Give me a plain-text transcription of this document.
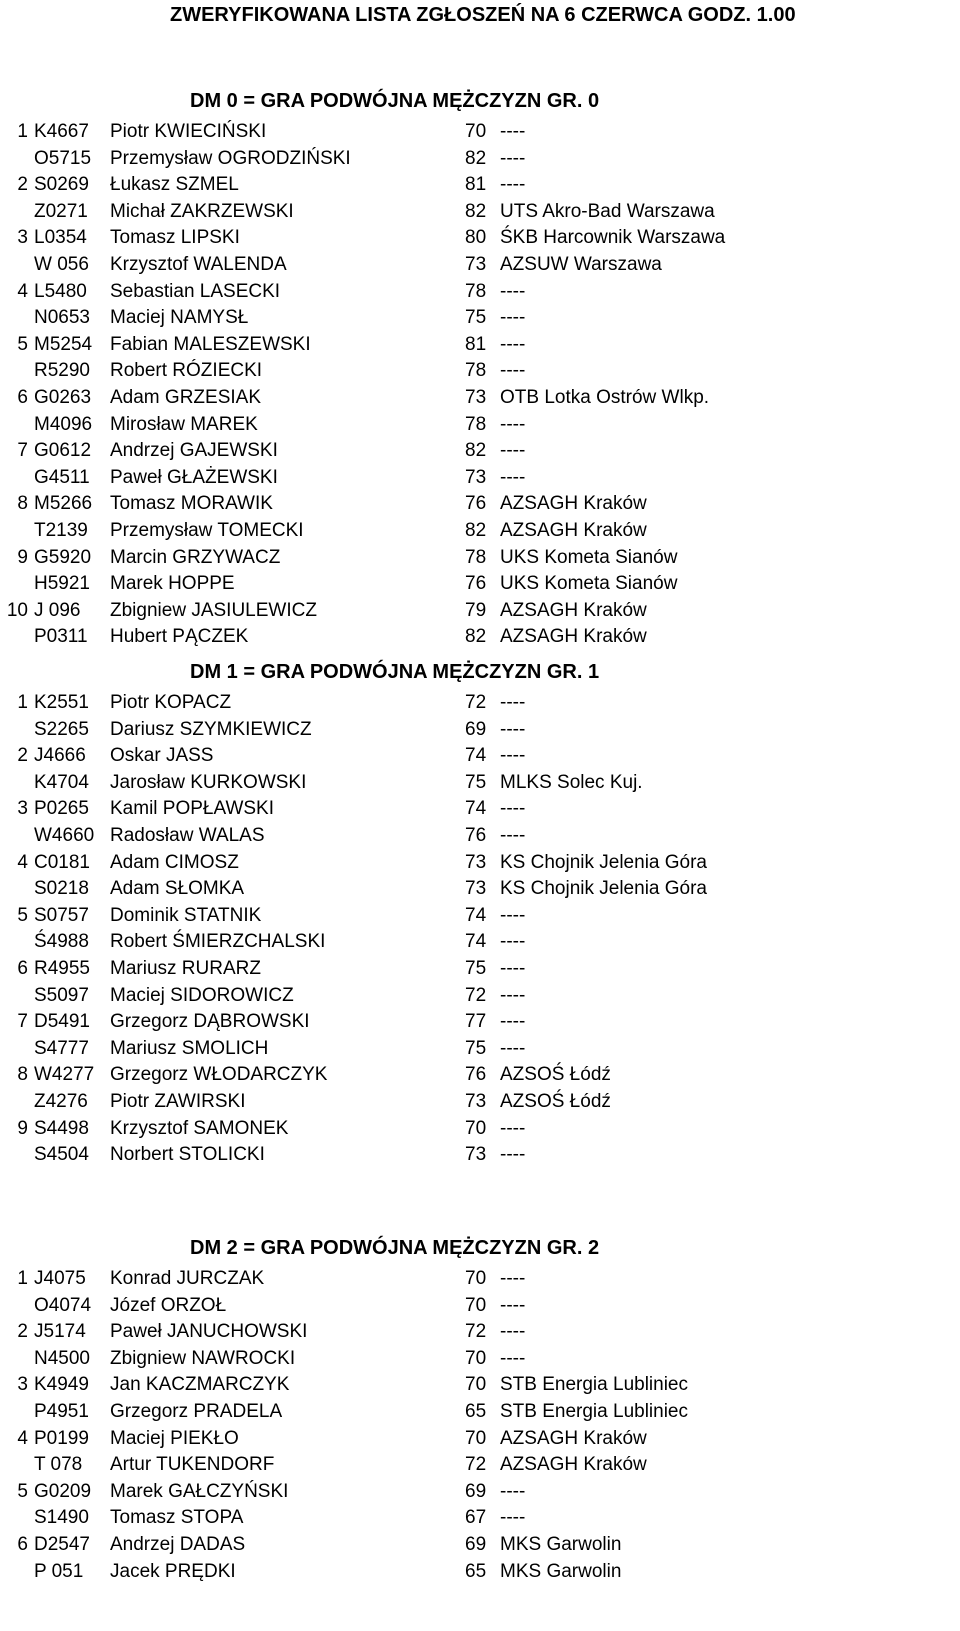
ZWERYFIKOWANA LISTA ZGŁOSZEŃ NA 6 CZERWCA GODZ. 1.00
DM 0 = GRA PODWÓJNA MĘŻCZYZN GR. 0
1 K4667 Piotr KWIECIŃSKI	70 ----
O5715 Przemysław OGRODZIŃSKI	82 ----
2 S0269 Łukasz SZMEL	81 ----
Z0271 Michał ZAKRZEWSKI	82 UTS Akro-Bad Warszawa
3 L0354 Tomasz LIPSKI	80 ŚKB Harcownik Warszawa
W 056 Krzysztof WALENDA	73 AZSUW Warszawa
4 L5480 Sebastian LASECKI	78 ----
N0653 Maciej NAMYSŁ	75 ----
5 M5254 Fabian MALESZEWSKI	81 ----
R5290 Robert RÓZIECKI	78 ----
6 G0263 Adam GRZESIAK	73 OTB Lotka Ostrów Wlkp.
M4096 Mirosław MAREK	78 ----
7 G0612 Andrzej GAJEWSKI	82 ----
G4511 Paweł GŁAŻEWSKI	73 ----
8 M5266 Tomasz MORAWIK	76 AZSAGH Kraków
T2139 Przemysław TOMECKI	82 AZSAGH Kraków
9 G5920 Marcin GRZYWACZ	78 UKS Kometa Sianów
H5921 Marek HOPPE	76 UKS Kometa Sianów
10 J 096 Zbigniew JASIULEWICZ	79 AZSAGH Kraków
P0311 Hubert PĄCZEK	82 AZSAGH Kraków
DM 1 = GRA PODWÓJNA MĘŻCZYZN GR. 1
1 K2551 Piotr KOPACZ	72 ----
S2265 Dariusz SZYMKIEWICZ	69 ----
2 J4666 Oskar JASS	74 ----
K4704 Jarosław KURKOWSKI	75 MLKS Solec Kuj.
3 P0265 Kamil POPŁAWSKI	74 ----
W4660 Radosław WALAS	76 ----
4 C0181 Adam CIMOSZ	73 KS Chojnik Jelenia Góra
S0218 Adam SŁOMKA	73 KS Chojnik Jelenia Góra
5 S0757 Dominik STATNIK	74 ----
Ś4988 Robert ŚMIERZCHALSKI	74 ----
6 R4955 Mariusz RURARZ	75 ----
S5097 Maciej SIDOROWICZ	72 ----
7 D5491 Grzegorz DĄBROWSKI	77 ----
S4777 Mariusz SMOLICH	75 ----
8 W4277 Grzegorz WŁODARCZYK	76 AZSOŚ Łódź
Z4276 Piotr ZAWIRSKI	73 AZSOŚ Łódź
9 S4498 Krzysztof SAMONEK	70 ----
S4504 Norbert STOLICKI	73 ----
DM 2 = GRA PODWÓJNA MĘŻCZYZN GR. 2
1 J4075 Konrad JURCZAK	70 ----
O4074 Józef ORZOŁ	70 ----
2 J5174 Paweł JANUCHOWSKI	72 ----
N4500 Zbigniew NAWROCKI	70 ----
3 K4949 Jan KACZMARCZYK	70 STB Energia Lubliniec
P4951 Grzegorz PRADELA	65 STB Energia Lubliniec
4 P0199 Maciej PIEKŁO	70 AZSAGH Kraków
T 078 Artur TUKENDORF	72 AZSAGH Kraków
5 G0209 Marek GAŁCZYŃSKI	69 ----
S1490 Tomasz STOPA	67 ----
6 D2547 Andrzej DADAS	69 MKS Garwolin
P 051 Jacek PRĘDKI	65 MKS Garwolin
